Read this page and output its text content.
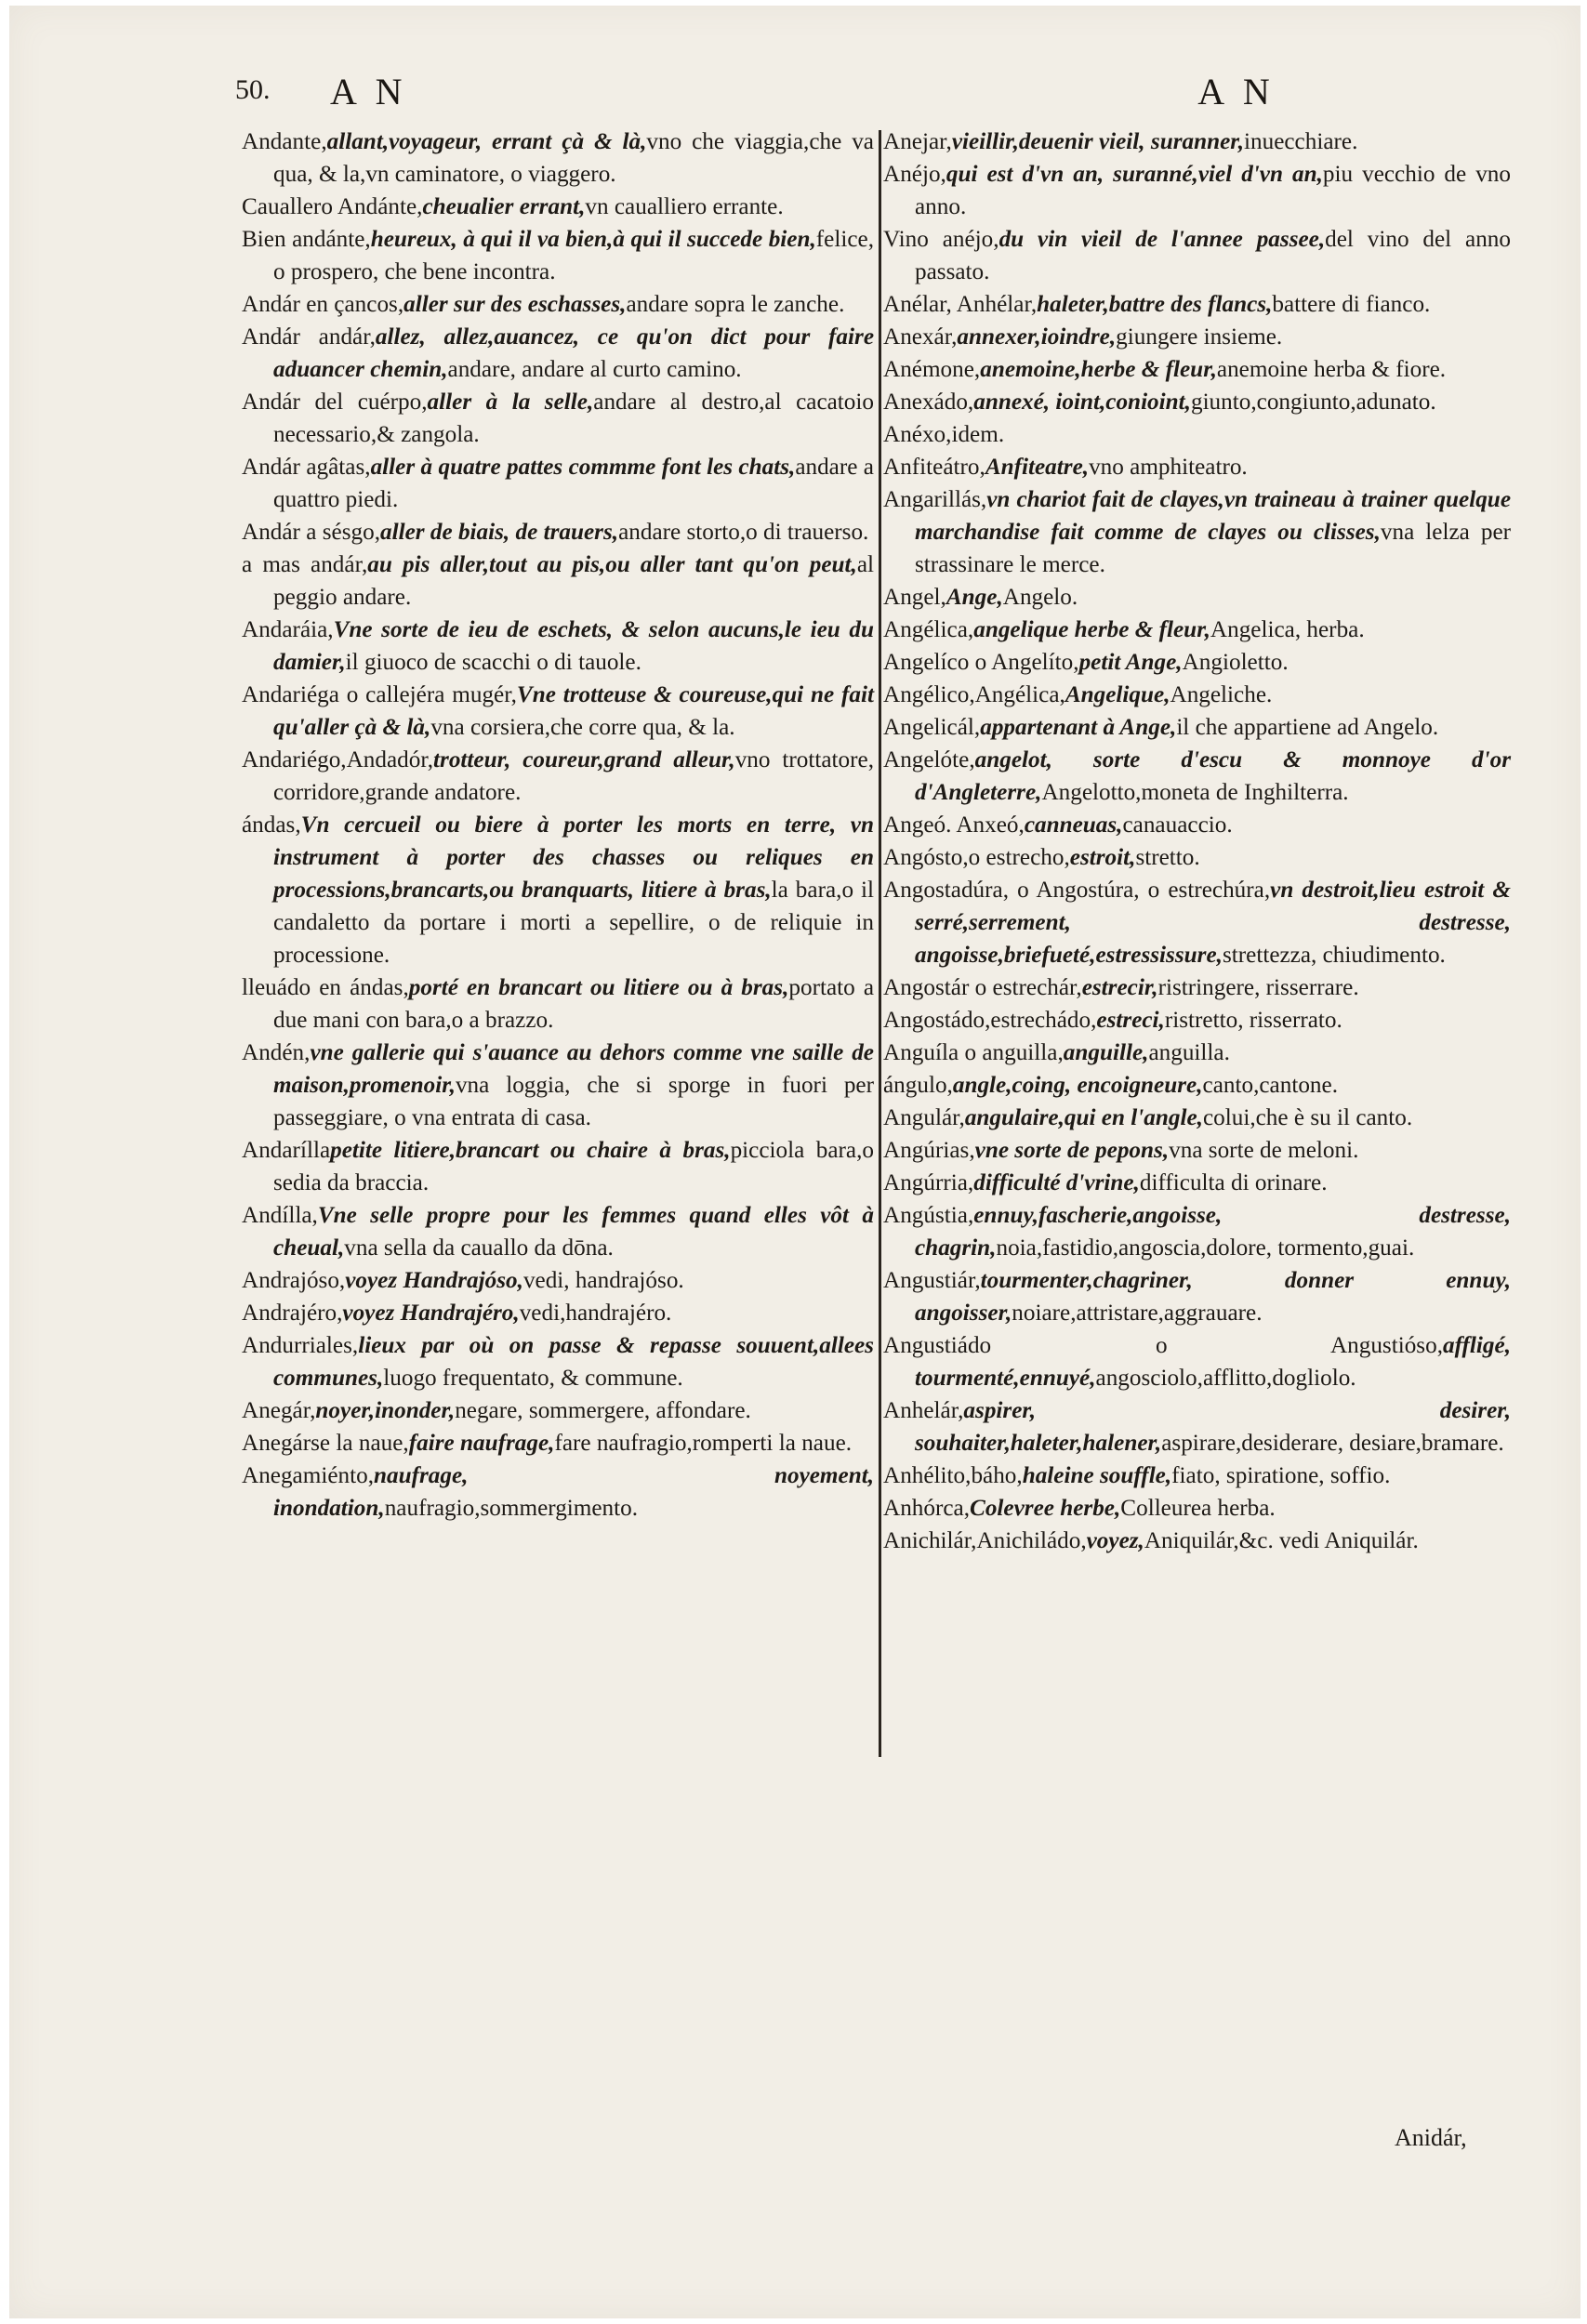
50.	A N	A N

Andante,allant,voyageur, errant çà & là,vno che viaggia,che va qua, & la,vn caminatore, o viaggero.

Cauallero Andánte,cheualier errant,vn caualliero errante.

Bien andánte,heureux, à qui il va bien,à qui il succede bien,felice, o prospero, che bene incontra.

Andár en çancos,aller sur des eschasses,andare sopra le zanche.

Andár andár,allez, allez,auancez, ce qu'on dict pour faire aduancer chemin,andare, andare al curto camino.

Andár del cuérpo,aller à la selle,andare al destro,al cacatoio necessario,& zangola.

Andár agâtas,aller à quatre pattes commme font les chats,andare a quattro piedi.

Andár a sésgo,aller de biais, de trauers,andare storto,o di trauerso.

a mas andár,au pis aller,tout au pis,ou aller tant qu'on peut,al peggio andare.

Andaráia,Vne sorte de ieu de eschets, & selon aucuns,le ieu du damier,il giuoco de scacchi o di tauole.

Andariéga o callejéra mugér,Vne trotteuse & coureuse,qui ne fait qu'aller çà & là,vna corsiera,che corre qua, & la.

Andariégo,Andadór,trotteur, coureur,grand alleur,vno trottatore, corridore,grande andatore.

ándas,Vn cercueil ou biere à porter les morts en terre, vn instrument à porter des chasses ou reliques en processions,brancarts,ou branquarts, litiere à bras,la bara,o il candaletto da portare i morti a sepellire, o de reliquie in processione.

lleuádo en ándas,porté en brancart ou litiere ou à bras,portato a due mani con bara,o a brazzo.

Andén,vne gallerie qui s'auance au dehors comme vne saille de maison,promenoir,vna loggia, che si sporge in fuori per passeggiare, o vna entrata di casa.

Andaríllapetite litiere,brancart ou chaire à bras,picciola bara,o sedia da braccia.

Andílla,Vne selle propre pour les femmes quand elles vôt à cheual,vna sella da cauallo da dōna.

Andrajóso,voyez Handrajóso,vedi, handrajóso.

Andrajéro,voyez Handrajéro,vedi,handrajéro.

Andurriales,lieux par où on passe & repasse souuent,allees communes,luogo frequentato, & commune.

Anegár,noyer,inonder,negare, sommergere, affondare.

Anegárse la naue,faire naufrage,fare naufragio,romperti la naue.

Anegamiénto,naufrage, noyement, inondation,naufragio,sommergimento.

Anejar,vieillir,deuenir vieil, suranner,inuecchiare.

Anéjo,qui est d'vn an, suranné,viel d'vn an,piu vecchio de vno anno.

Vino anéjo,du vin vieil de l'annee passee,del vino del anno passato.

Anélar, Anhélar,haleter,battre des flancs,battere di fianco.

Anexár,annexer,ioindre,giungere insieme.

Anémone,anemoine,herbe & fleur,anemoine herba & fiore.

Anexádo,annexé, ioint,conioint,giunto,congiunto,adunato.

Anéxo,idem.

Anfiteátro,Anfiteatre,vno amphiteatro.

Angarillás,vn chariot fait de clayes,vn traineau à trainer quelque marchandise fait comme de clayes ou clisses,vna lelza per strassinare le merce.

Angel,Ange,Angelo.

Angélica,angelique herbe & fleur,Angelica, herba.

Angelíco o Angelíto,petit Ange,Angioletto.

Angélico,Angélica,Angelique,Angeliche.

Angelicál,appartenant à Ange,il che appartiene ad Angelo.

Angelóte,angelot, sorte d'escu & monnoye d'or d'Angleterre,Angelotto,moneta de Inghilterra.

Angeó. Anxeó,canneuas,canauaccio.

Angósto,o estrecho,estroit,stretto.

Angostadúra, o Angostúra, o estrechúra,vn destroit,lieu estroit & serré,serrement, destresse, angoisse,briefueté,estressissure,strettezza, chiudimento.

Angostár o estrechár,estrecir,ristringere, risserrare.

Angostádo,estrechádo,estreci,ristretto, risserrato.

Anguíla o anguilla,anguille,anguilla.

ángulo,angle,coing, encoigneure,canto,cantone.

Angulár,angulaire,qui en l'angle,colui,che è su il canto.

Angúrias,vne sorte de pepons,vna sorte de meloni.

Angúrria,difficulté d'vrine,difficulta di orinare.

Angústia,ennuy,fascherie,angoisse, destresse, chagrin,noia,fastidio,angoscia,dolore, tormento,guai.

Angustiár,tourmenter,chagriner, donner ennuy, angoisser,noiare,attristare,aggrauare.

Angustiádo o Angustióso,affligé, tourmenté,ennuyé,angosciolo,afflitto,dogliolo.

Anhelár,aspirer, desirer, souhaiter,haleter,halener,aspirare,desiderare, desiare,bramare.

Anhélito,báho,haleine souffle,fiato, spiratione, soffio.

Anhórca,Colevree herbe,Colleurea herba.

Anichilár,Anichiládo,voyez,Aniquilár,&c. vedi Aniquilár.

Anidár,
